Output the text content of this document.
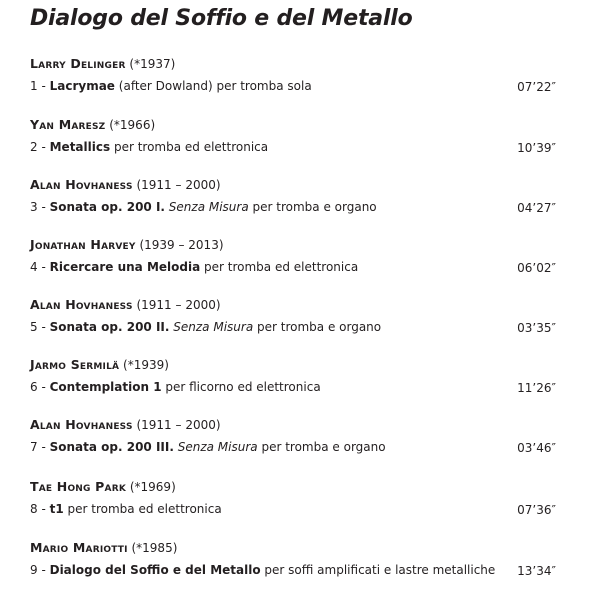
Dialogo del Soffio e del Metallo
Larry Delinger (*1937)
1 - Lacrymae (after Dowland) per tromba sola	07’22″
Yan Maresz (*1966)
2 - Metallics per tromba ed elettronica	10’39″
Alan Hovhaness (1911 – 2000)
3 - Sonata op. 200 I. Senza Misura per tromba e organo	04’27″
Jonathan Harvey (1939 – 2013)
4 - Ricercare una Melodia per tromba ed elettronica	06’02″
Alan Hovhaness (1911 – 2000)
5 - Sonata op. 200 II. Senza Misura per tromba e organo	03’35″
Jarmo Sermilä (*1939)
6 - Contemplation 1 per flicorno ed elettronica	11’26″
Alan Hovhaness (1911 – 2000)
7 - Sonata op. 200 III. Senza Misura per tromba e organo	03’46″
Tae Hong Park (*1969)
8 - t1 per tromba ed elettronica	07’36″
Mario Mariotti (*1985)
9 - Dialogo del Soffio e del Metallo per soffi amplificati e lastre metalliche 13’34″
